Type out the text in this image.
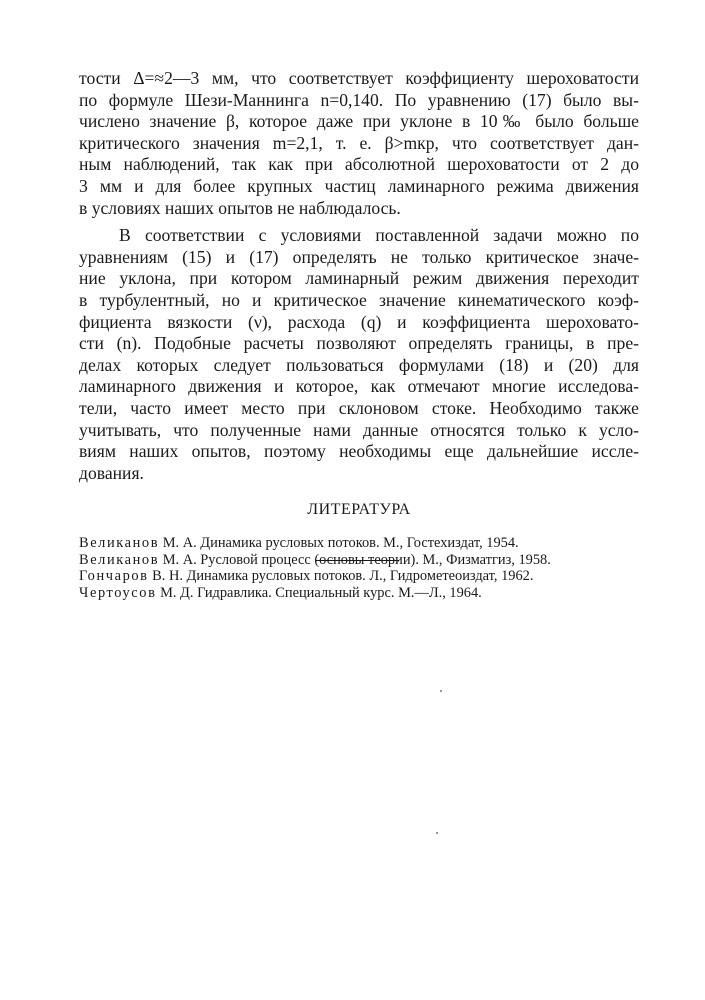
тости Δ=≈2—3 мм, что соответствует коэффициенту шероховатости
по формуле Шези-Маннинга n=0,140. По уравнению (17) было вы-
числено значение β, которое даже при уклоне в 10‰ было больше
критического значения m=2,1, т. е. β>mкр, что соответствует дан-
ным наблюдений, так как при абсолютной шероховатости от 2 до
3 мм и для более крупных частиц ламинарного режима движения
в условиях наших опытов не наблюдалось.
В соответствии с условиями поставленной задачи можно по
уравнениям (15) и (17) определять не только критическое значе-
ние уклона, при котором ламинарный режим движения переходит
в турбулентный, но и критическое значение кинематического коэф-
фициента вязкости (ν), расхода (q) и коэффициента шероховато-
сти (n). Подобные расчеты позволяют определять границы, в пре-
делах которых следует пользоваться формулами (18) и (20) для
ламинарного движения и которое, как отмечают многие исследова-
тели, часто имеет место при склоновом стоке. Необходимо также
учитывать, что полученные нами данные относятся только к усло-
виям наших опытов, поэтому необходимы еще дальнейшие иссле-
дования.
ЛИТЕРАТУРА
Великанов М. А. Динамика русловых потоков. М., Гостехиздат, 1954.
Великанов М. А. Русловой процесс (основы теории). М., Физматгиз, 1958.
Гончаров В. Н. Динамика русловых потоков. Л., Гидрометеоиздат, 1962.
Чертоусов М. Д. Гидравлика. Специальный курс. М.—Л., 1964.
